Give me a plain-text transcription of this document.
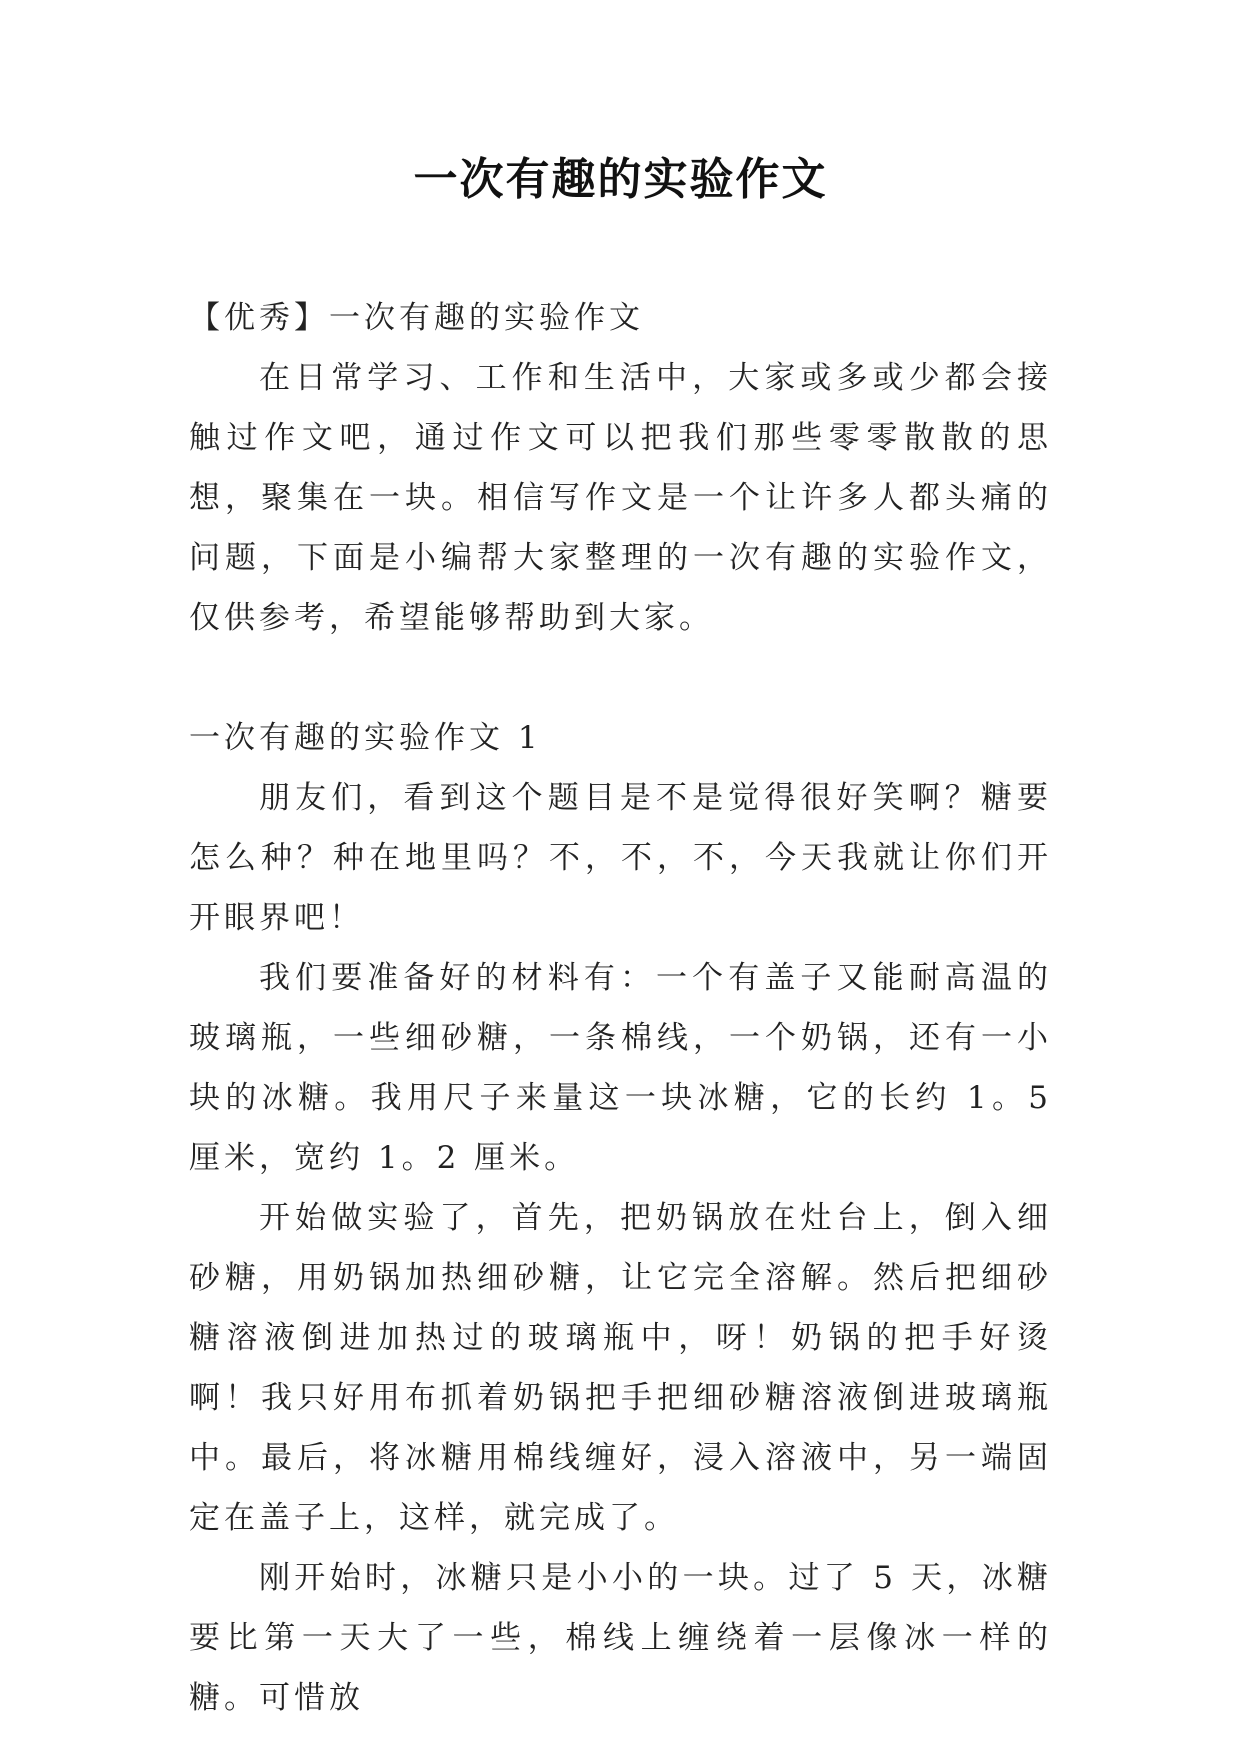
一次有趣的实验作文

【优秀】一次有趣的实验作文

在日常学习、工作和生活中，大家或多或少都会接触过作文吧，通过作文可以把我们那些零零散散的思想，聚集在一块。相信写作文是一个让许多人都头痛的问题，下面是小编帮大家整理的一次有趣的实验作文，仅供参考，希望能够帮助到大家。

一次有趣的实验作文 1

朋友们，看到这个题目是不是觉得很好笑啊？糖要怎么种？种在地里吗？不，不，不，今天我就让你们开开眼界吧！

我们要准备好的材料有：一个有盖子又能耐高温的玻璃瓶，一些细砂糖，一条棉线，一个奶锅，还有一小块的冰糖。我用尺子来量这一块冰糖，它的长约 1。5 厘米，宽约 1。2 厘米。

开始做实验了，首先，把奶锅放在灶台上，倒入细砂糖，用奶锅加热细砂糖，让它完全溶解。然后把细砂糖溶液倒进加热过的玻璃瓶中，呀！奶锅的把手好烫啊！我只好用布抓着奶锅把手把细砂糖溶液倒进玻璃瓶中。最后，将冰糖用棉线缠好，浸入溶液中，另一端固定在盖子上，这样，就完成了。

刚开始时，冰糖只是小小的一块。过了 5 天，冰糖要比第一天大了一些，棉线上缠绕着一层像冰一样的糖。可惜放
